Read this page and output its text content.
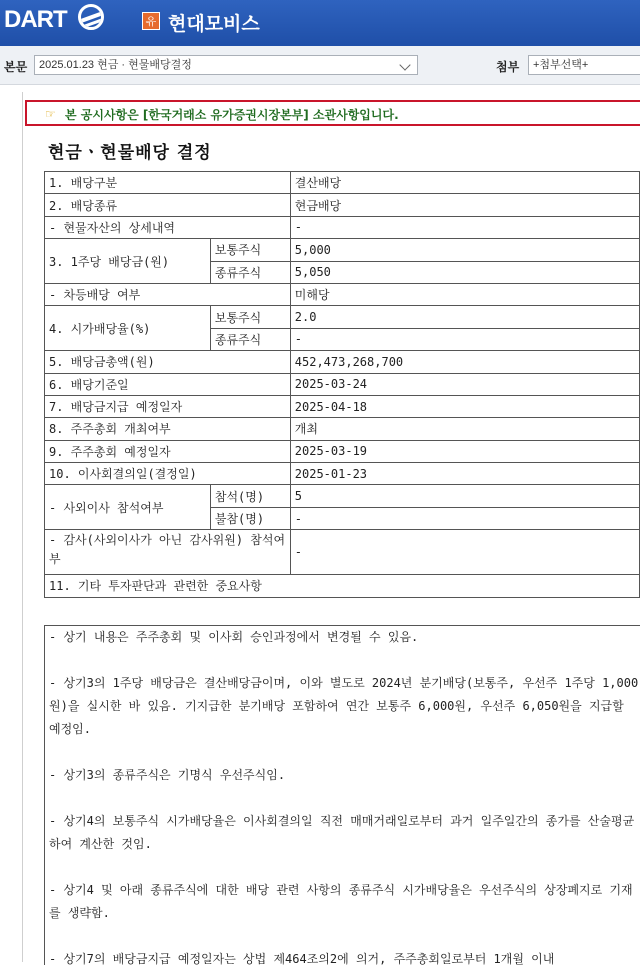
DART	유 현대모비스
본문	2025.01.23 현금 · 현물배당결정	첨부	+첨부선택+
☞ 본 공시사항은 [한국거래소 유가증권시장본부] 소관사항입니다.
현금ㆍ현물배당 결정
1. 배당구분		결산배당
2. 배당종류		현금배당
- 현물자산의 상세내역		-
3. 1주당 배당금(원)	보통주식	5,000
	종류주식	5,050
- 차등배당 여부		미해당
4. 시가배당율(%)	보통주식	2.0
	종류주식	-
5. 배당금총액(원)		452,473,268,700
6. 배당기준일		2025-03-24
7. 배당금지급 예정일자		2025-04-18
8. 주주총회 개최여부		개최
9. 주주총회 예정일자		2025-03-19
10. 이사회결의일(결정일)		2025-01-23
- 사외이사 참석여부	참석(명)	5
	불참(명)	-
- 감사(사외이사가 아닌 감사위원) 참석여부		-
11. 기타 투자판단과 관련한 중요사항		

- 상기 내용은 주주총회 및 이사회 승인과정에서 변경될 수 있음.

- 상기3의 1주당 배당금은 결산배당금이며, 이와 별도로 2024년 분기배당(보통주, 우선주 1주당 1,000원)을 실시한 바 있음. 기지급한 분기배당 포함하여 연간 보통주 6,000원, 우선주 6,050원을 지급할 예정임.

- 상기3의 종류주식은 기명식 우선주식임.

- 상기4의 보통주식 시가배당율은 이사회결의일 직전 매매거래일로부터 과거 일주일간의 종가를 산술평균하여 계산한 것임.

- 상기4 및 아래 종류주식에 대한 배당 관련 사항의 종류주식 시가배당율은 우선주식의 상장폐지로 기재를 생략함.

- 상기7의 배당금지급 예정일자는 상법 제464조의2에 의거, 주주총회일로부터 1개월 이내
